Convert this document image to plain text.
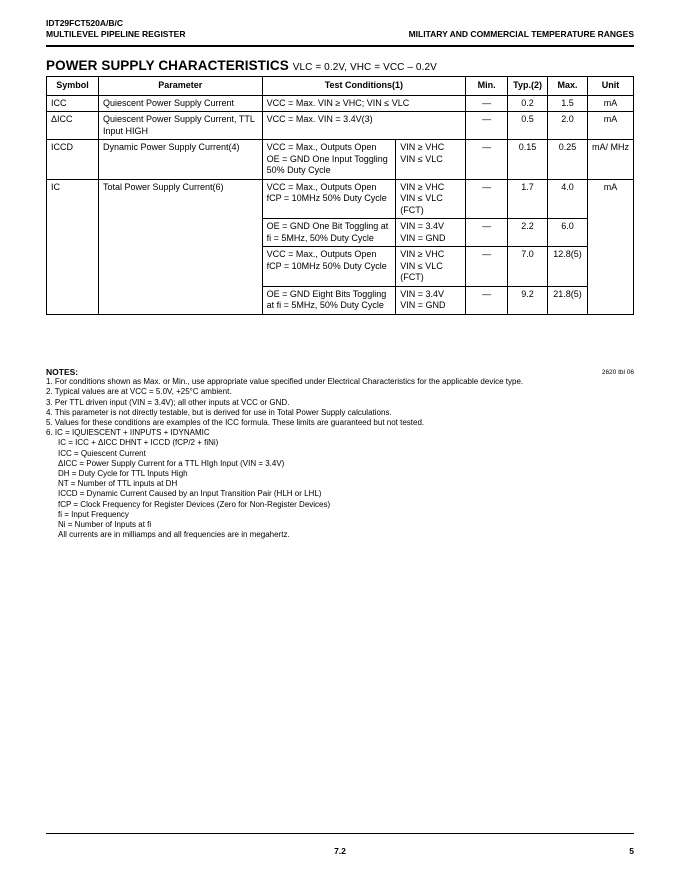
IDT29FCT520A/B/C
MULTILEVEL PIPELINE REGISTER	MILITARY AND COMMERCIAL TEMPERATURE RANGES
POWER SUPPLY CHARACTERISTICS VLC = 0.2V, VHC = VCC – 0.2V
Symbol	Parameter	Test Conditions(1)		Min.	Typ.(2)	Max.	Unit
ICC	Quiescent Power Supply Current	VCC = Max. VIN ≥ VHC; VIN ≤ VLC		—	0.2	1.5	mA
ΔICC	Quiescent Power Supply Current, TTL Input HIGH	VCC = Max. VIN = 3.4V(3)		—	0.5	2.0	mA
ICCD	Dynamic Power Supply Current(4)	VCC = Max., Outputs Open OE = GND One Input Toggling 50% Duty Cycle	VIN ≥ VHC VIN ≤ VLC	—	0.15	0.25	mA/ MHz
IC	Total Power Supply Current(6)	VCC = Max., Outputs Open fCP = 10MHz 50% Duty Cycle	VIN ≥ VHC VIN ≤ VLC (FCT)	—	1.7	4.0	mA
		OE = GND One Bit Toggling at fi = 5MHz, 50% Duty Cycle	VIN = 3.4V VIN = GND	—	2.2	6.0	
		VCC = Max., Outputs Open fCP = 10MHz 50% Duty Cycle	VIN ≥ VHC VIN ≤ VLC (FCT)	—	7.0	12.8(5)	
		OE = GND Eight Bits Toggling at fi = 5MHz, 50% Duty Cycle	VIN = 3.4V VIN = GND	—	9.2	21.8(5)	
2620 tbl 06
NOTES:
1. For conditions shown as Max. or Min., use appropriate value specified under Electrical Characteristics for the applicable device type.
2. Typical values are at VCC = 5.0V, +25°C ambient.
3. Per TTL driven input (VIN = 3.4V); all other inputs at VCC or GND.
4. This parameter is not directly testable, but is derived for use in Total Power Supply calculations.
5. Values for these conditions are examples of the ICC formula. These limits are guaranteed but not tested.
6. IC = IQUIESCENT + IINPUTS + IDYNAMIC
IC = ICC + ΔICC DHNT + ICCD (fCP/2 + fiNi)
ICC = Quiescent Current
ΔICC = Power Supply Current for a TTL HIgh Input (VIN = 3.4V)
DH = Duty Cycle for TTL Inputs High
NT = Number of TTL inputs at DH
ICCD = Dynamic Current Caused by an Input Transition Pair (HLH or LHL)
fCP = Clock Frequency for Register Devices (Zero for Non-Register Devices)
fi = Input Frequency
Ni = Number of Inputs at fi
All currents are in milliamps and all frequencies are in megahertz.
7.2	5
